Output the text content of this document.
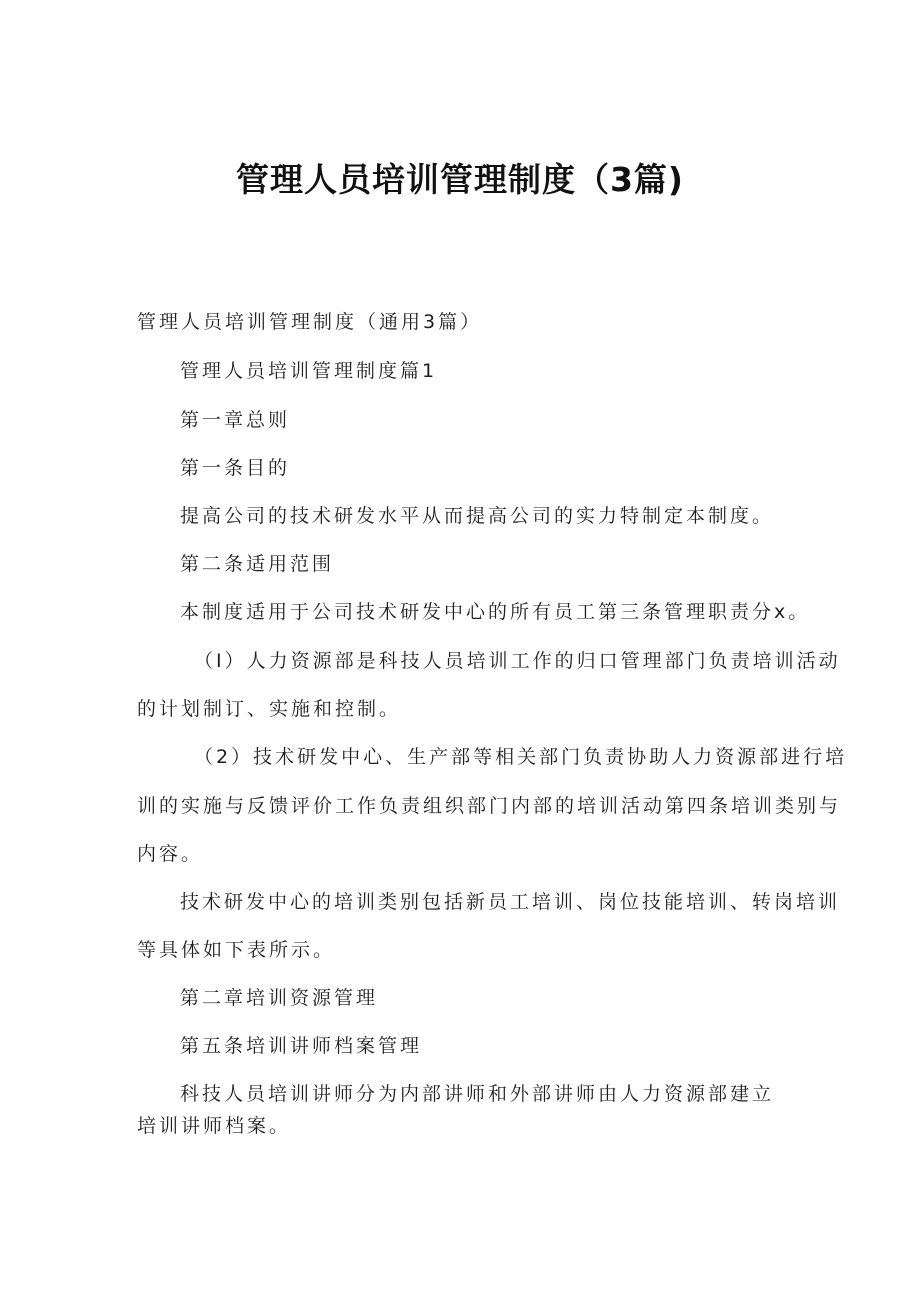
管理人员培训管理制度（3篇)
管理人员培训管理制度（通用3篇）
管理人员培训管理制度篇1
第一章总则
第一条目的
提高公司的技术研发水平从而提高公司的实力特制定本制度。
第二条适用范围
本制度适用于公司技术研发中心的所有员工第三条管理职责分x。
（I）人力资源部是科技人员培训工作的归口管理部门负责培训活动
的计划制订、实施和控制。
（2）技术研发中心、生产部等相关部门负责协助人力资源部进行培
训的实施与反馈评价工作负责组织部门内部的培训活动第四条培训类别与
内容。
技术研发中心的培训类别包括新员工培训、岗位技能培训、转岗培训
等具体如下表所示。
第二章培训资源管理
第五条培训讲师档案管理
科技人员培训讲师分为内部讲师和外部讲师由人力资源部建立
培训讲师档案。
